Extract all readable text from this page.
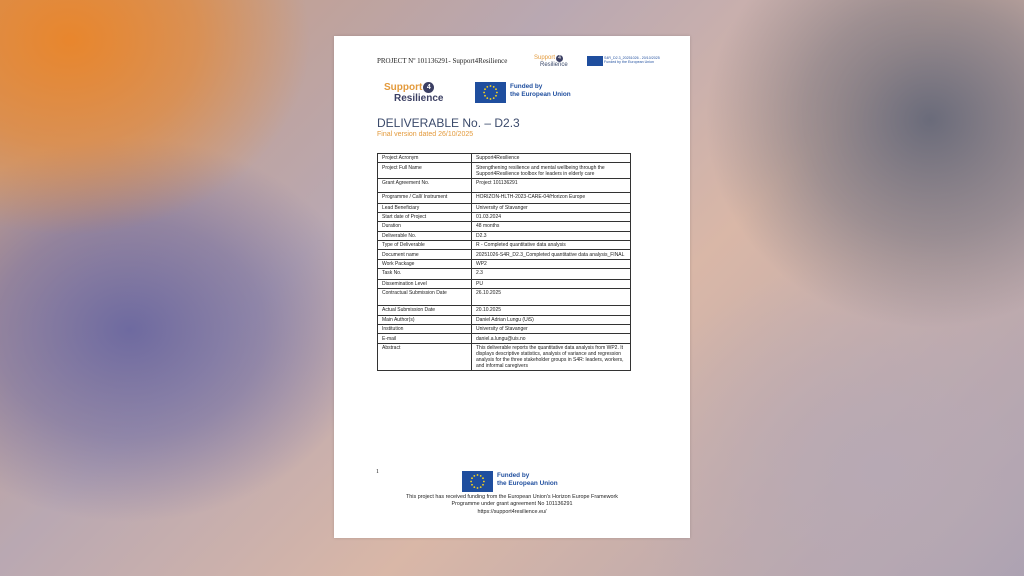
PROJECT Nº 101136291- Support4Resilience	Support 4
Resilience
S4R_D2.3_20251026 - 20/10/2025
Funded by the European Union
Support 4
Resilience
Funded by
the European Union
DELIVERABLE No. – D2.3
Final version dated 26/10/2025
Project Acronym	Support4Resilience
Project Full Name	Strengthening resilience and mental wellbeing through the Support4Resilience toolbox for leaders in elderly care
Grant Agreement No.	Project 101136291
Programme / Call/ Instrument	HORIZON-HLTH-2023-CARE-04/Horizon Europe
Lead Beneficiary	University of Stavanger
Start date of Project	01.03.2024
Duration	48 months
Deliverable No.	D2.3
Type of Deliverable	R - Completed quantitative data analysis
Document name	20251026-S4R_D2.3_Completed quantitative data analysis_FINAL
Work Package	WP2
Task No.	2.3
Dissemination Level	PU
Contractual Submission Date	26.10.2025
Actual Submission Date	20.10.2025
Main Author(s)	Daniel Adrian Lungu (UiS)
Institution	University of Stavanger
E-mail	daniel.a.lungu@uis.no
Abstract	This deliverable reports the quantitative data analysis from WP2. It displays descriptive statistics, analysis of variance and regression analysis for the three stakeholder groups in S4R: leaders, workers, and informal caregivers
1	Funded by
the European Union
This project has received funding from the European Union's Horizon Europe Framework
Programme under grant agreement No 101136291
https://support4resilience.eu/
